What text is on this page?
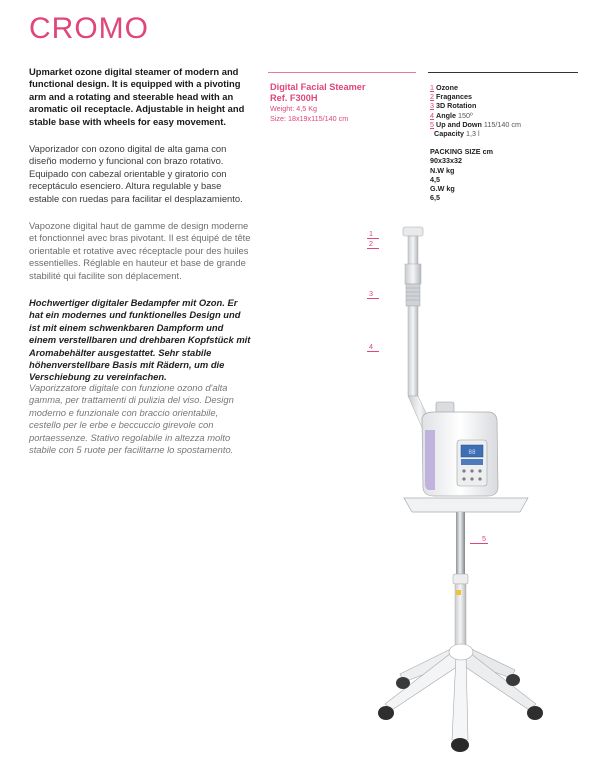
CROMO

Upmarket ozone digital steamer of modern and functional design. It is equipped with a pivoting arm and a rotating and steerable head with an aromatic oil receptacle. Adjustable in height and stable base with wheels for easy movement.

Vaporizador con ozono digital de alta gama con diseño moderno y funcional con brazo rotativo. Equipado con cabezal orientable y giratorio con receptáculo esenciero. Altura regulable y base estable con ruedas para facilitar el desplazamiento.

Vapozone digital haut de gamme de design moderne et fonctionnel avec bras pivotant. Il est équipé de tête orientable et rotative avec réceptacle pour des huiles essentielles. Réglable en hauteur et base de grande stabilité qui facilite son déplacement.

Hochwertiger digitaler Bedampfer mit Ozon. Er hat ein modernes und funktionelles Design und ist mit einem schwenkbaren Dampform und einem verstellbaren und drehbaren Kopfstück mit Aromabehälter ausgestattet. Sehr stabile höhenverstellbare Basis mit Rädern, um die Verschiebung zu vereinfachen.

Vaporizzatore digitale con funzione ozono d'alta gamma, per trattamenti di pulizia del viso. Design moderno e funzionale con braccio orientabile, cestello per le erbe e beccuccio girevole con portaessenze. Stativo regolabile in altezza molto stabile con 5 ruote per facilitarne lo spostamento.

Digital Facial Steamer
Ref. F300H
Weight: 4,5 Kg
Size: 18x19x115/140 cm
1 Ozone
2 Fragances
3 3D Rotation
4 Angle 150º
5 Up and Down 115/140 cm
Capacity 1,3 l
PACKING SIZE cm
90x33x32
N.W kg
4,5
G.W kg
6,5
1
2
3
4
5
88
